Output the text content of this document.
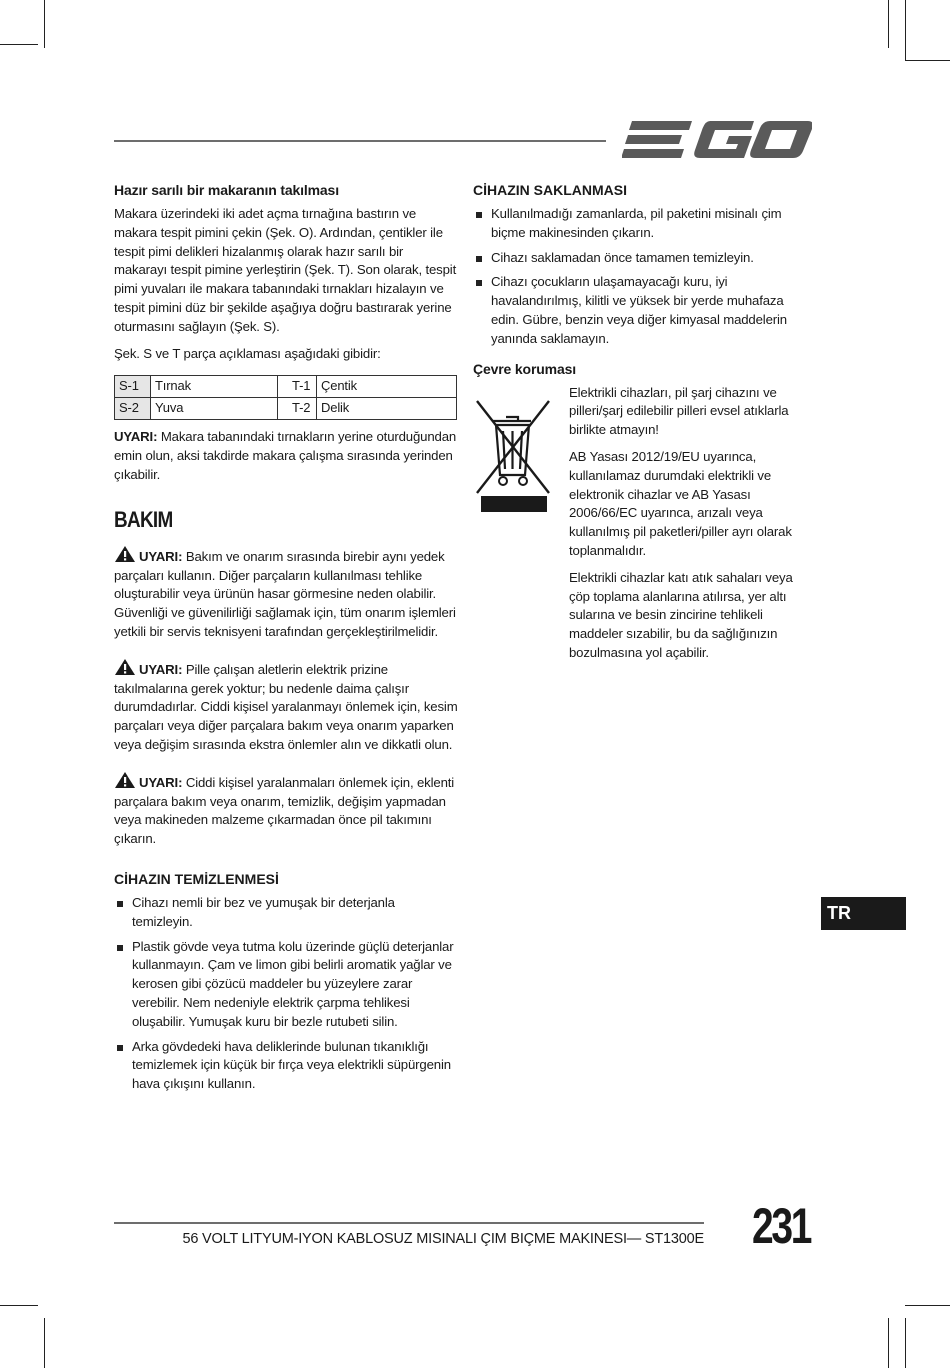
Hazır sarılı bir makaranın takılması

Makara üzerindeki iki adet açma tırnağına bastırın ve makara tespit pimini çekin (Şek. O). Ardından, çentikler ile tespit pimi delikleri hizalanmış olarak hazır sarılı bir makarayı tespit pimine yerleştirin (Şek. T). Son olarak, tespit pimi yuvaları ile makara tabanındaki tırnakları hizalayın ve tespit pimini düz bir şekilde aşağıya doğru bastırarak yerine oturmasını sağlayın (Şek. S).

Şek. S ve T parça açıklaması aşağıdaki gibidir:

S-1	Tırnak	T-1	Çentik
S-2	Yuva	T-2	Delik

UYARI: Makara tabanındaki tırnakların yerine oturduğundan emin olun, aksi takdirde makara çalışma sırasında yerinden çıkabilir.

BAKIM

UYARI: Bakım ve onarım sırasında birebir aynı yedek parçaları kullanın. Diğer parçaların kullanılması tehlike oluşturabilir veya ürünün hasar görmesine neden olabilir. Güvenliği ve güvenilirliği sağlamak için, tüm onarım işlemleri yetkili bir servis teknisyeni tarafından gerçekleştirilmelidir.

UYARI: Pille çalışan aletlerin elektrik prizine takılmalarına gerek yoktur; bu nedenle daima çalışır durumdadırlar. Ciddi kişisel yaralanmayı önlemek için, kesim parçaları veya diğer parçalara bakım veya onarım yaparken veya değişim sırasında ekstra önlemler alın ve dikkatli olun.

UYARI: Ciddi kişisel yaralanmaları önlemek için, eklenti parçalara bakım veya onarım, temizlik, değişim yapmadan veya makineden malzeme çıkarmadan önce pil takımını çıkarın.

CİHAZIN TEMİZLENMESİ
Cihazı nemli bir bez ve yumuşak bir deterjanla temizleyin.
Plastik gövde veya tutma kolu üzerinde güçlü deterjanlar kullanmayın. Çam ve limon gibi belirli aromatik yağlar ve kerosen gibi çözücü maddeler bu yüzeylere zarar verebilir. Nem nedeniyle elektrik çarpma tehlikesi oluşabilir. Yumuşak kuru bir bezle rutubeti silin.
Arka gövdedeki hava deliklerinde bulunan tıkanıklığı temizlemek için küçük bir fırça veya elektrikli süpürgenin hava çıkışını kullanın.
CİHAZIN SAKLANMASI
Kullanılmadığı zamanlarda, pil paketini misinalı çim biçme makinesinden çıkarın.
Cihazı saklamadan önce tamamen temizleyin.
Cihazı çocukların ulaşamayacağı kuru, iyi havalandırılmış, kilitli ve yüksek bir yerde muhafaza edin. Gübre, benzin veya diğer kimyasal maddelerin yanında saklamayın.
Çevre koruması

Elektrikli cihazları, pil şarj cihazını ve pilleri/şarj edilebilir pilleri evsel atıklarla birlikte atmayın!

AB Yasası 2012/19/EU uyarınca, kullanılamaz durumdaki elektrikli ve elektronik cihazlar ve AB Yasası 2006/66/EC uyarınca, arızalı veya kullanılmış pil paketleri/piller ayrı olarak toplanmalıdır.

Elektrikli cihazlar katı atık sahaları veya çöp toplama alanlarına atılırsa, yer altı sularına ve besin zincirine tehlikeli maddeler sızabilir, bu da sağlığınızın bozulmasına yol açabilir.

TR
56 VOLT LITYUM-IYON KABLOSUZ MISINALI ÇIM BIÇME MAKINESI— ST1300E 231
